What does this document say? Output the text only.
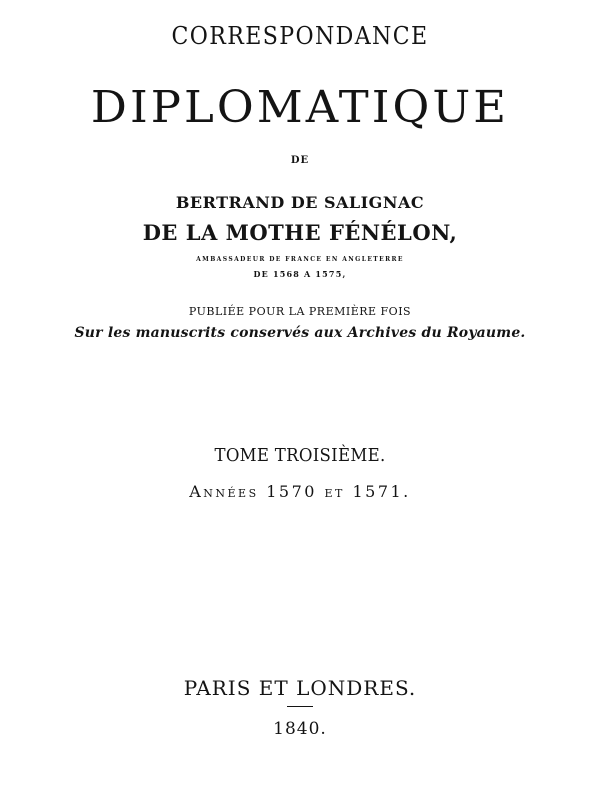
CORRESPONDANCE
DIPLOMATIQUE
DE
BERTRAND DE SALIGNAC
DE LA MOTHE FÉNÉLON,
AMBASSADEUR DE FRANCE EN ANGLETERRE
DE 1568 A 1575,
PUBLIÉE POUR LA PREMIÈRE FOIS
Sur les manuscrits conservés aux Archives du Royaume.
TOME TROISIÈME.
Années 1570 et 1571.
PARIS ET LONDRES.
1840.
